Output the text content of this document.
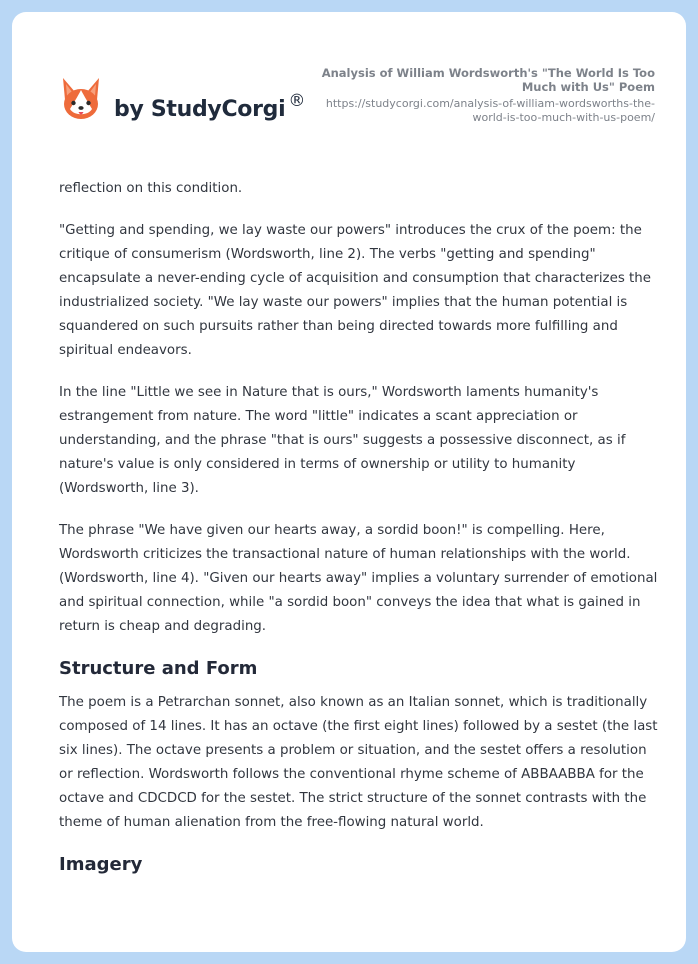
by StudyCorgi ®
Analysis of William Wordsworth's "The World Is Too Much with Us" Poem
https://studycorgi.com/analysis-of-william-wordsworths-the-world-is-too-much-with-us-poem/

reflection on this condition.

"Getting and spending, we lay waste our powers" introduces the crux of the poem: the critique of consumerism (Wordsworth, line 2). The verbs "getting and spending" encapsulate a never-ending cycle of acquisition and consumption that characterizes the industrialized society. "We lay waste our powers" implies that the human potential is squandered on such pursuits rather than being directed towards more fulfilling and spiritual endeavors.

In the line "Little we see in Nature that is ours," Wordsworth laments humanity's estrangement from nature. The word "little" indicates a scant appreciation or understanding, and the phrase "that is ours" suggests a possessive disconnect, as if nature's value is only considered in terms of ownership or utility to humanity (Wordsworth, line 3).

The phrase "We have given our hearts away, a sordid boon!" is compelling. Here, Wordsworth criticizes the transactional nature of human relationships with the world. (Wordsworth, line 4). "Given our hearts away" implies a voluntary surrender of emotional and spiritual connection, while "a sordid boon" conveys the idea that what is gained in return is cheap and degrading.

Structure and Form

The poem is a Petrarchan sonnet, also known as an Italian sonnet, which is traditionally composed of 14 lines. It has an octave (the first eight lines) followed by a sestet (the last six lines). The octave presents a problem or situation, and the sestet offers a resolution or reflection. Wordsworth follows the conventional rhyme scheme of ABBAABBA for the octave and CDCDCD for the sestet. The strict structure of the sonnet contrasts with the theme of human alienation from the free-flowing natural world.

Imagery
